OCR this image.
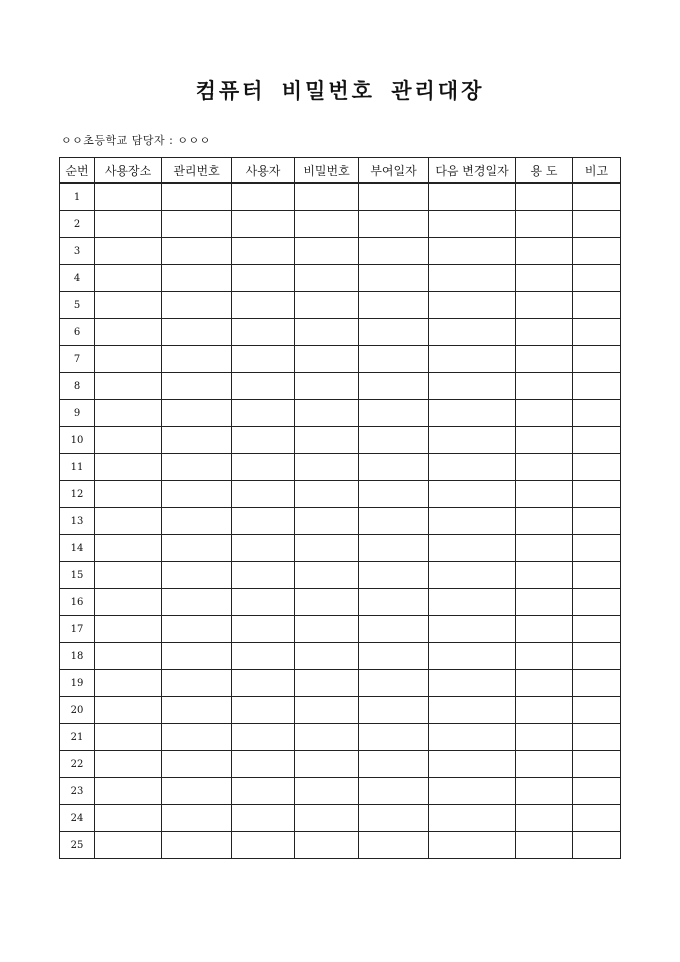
컴퓨터 비밀번호 관리대장
ㅇㅇ초등학교 담당자 : ㅇㅇㅇ
순번	사용장소	관리번호	사용자	비밀번호	부여일자	다음 변경일자	용 도	비고
1								
2								
3								
4								
5								
6								
7								
8								
9								
10								
11								
12								
13								
14								
15								
16								
17								
18								
19								
20								
21								
22								
23								
24								
25								
